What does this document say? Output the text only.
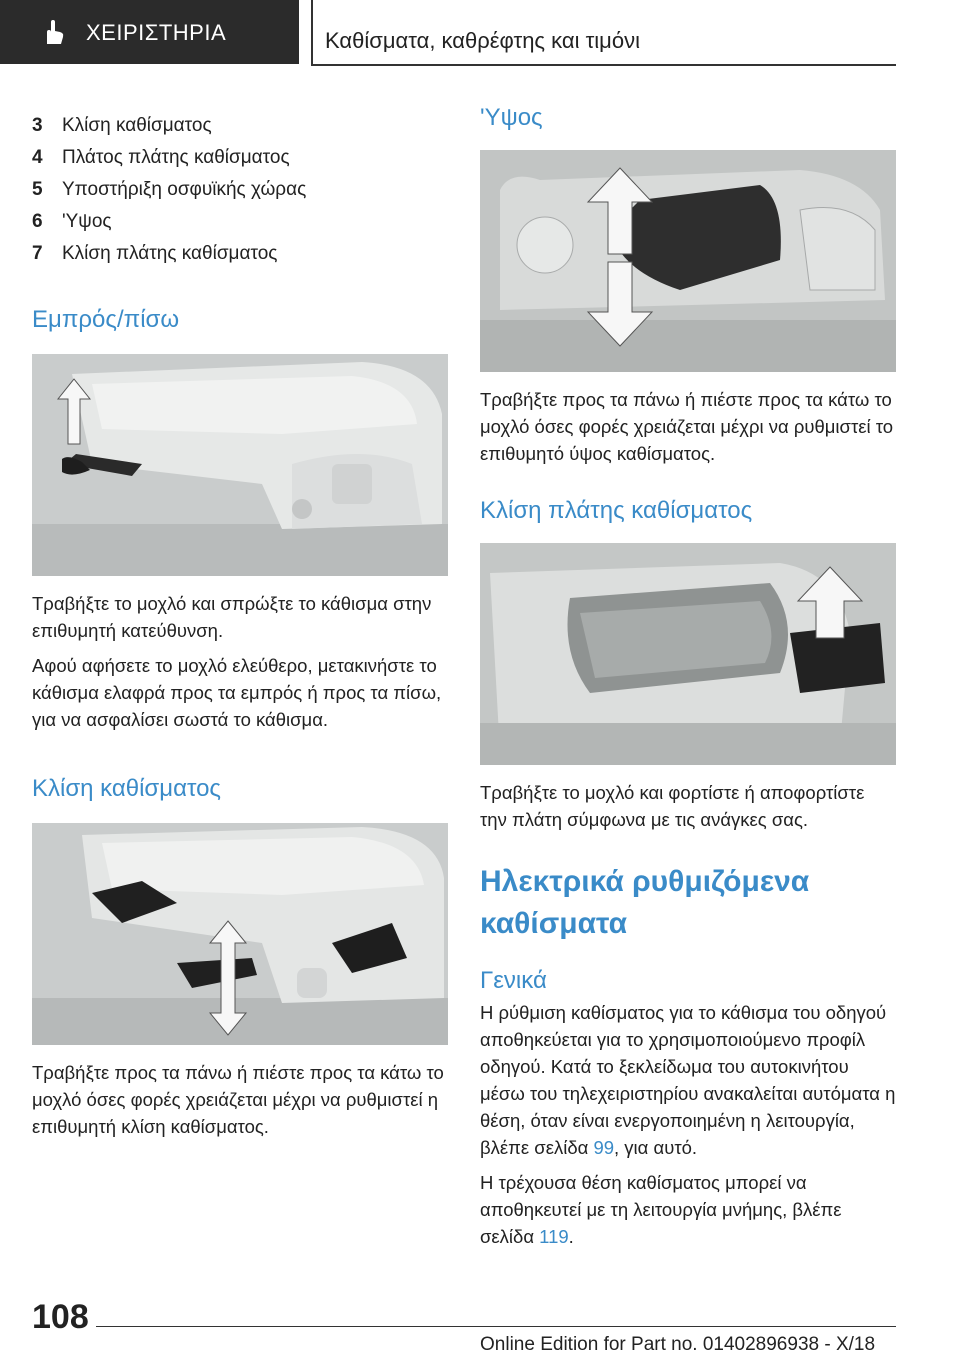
ΧΕΙΡΙΣΤΗΡΙΑ	Καθίσματα, καθρέφτης και τιμόνι
3	Κλίση καθίσματος
4	Πλάτος πλάτης καθίσματος
5	Υποστήριξη οσφυϊκής χώρας
6	'Υψος
7	Κλίση πλάτης καθίσματος
Εμπρός/πίσω

Τραβήξτε το μοχλό και σπρώξτε το κάθισμα στην επιθυμητή κατεύθυνση.

Αφού αφήσετε το μοχλό ελεύθερο, μετακινήστε το κάθισμα ελαφρά προς τα εμπρός ή προς τα πίσω, για να ασφαλίσει σωστά το κάθισμα.

Κλίση καθίσματος

Τραβήξτε προς τα πάνω ή πιέστε προς τα κάτω το μοχλό όσες φορές χρειάζεται μέχρι να ρυθμιστεί η επιθυμητή κλίση καθίσματος.

'Υψος

Τραβήξτε προς τα πάνω ή πιέστε προς τα κάτω το μοχλό όσες φορές χρειάζεται μέχρι να ρυθμιστεί το επιθυμητό ύψος καθίσματος.

Κλίση πλάτης καθίσματος

Τραβήξτε το μοχλό και φορτίστε ή αποφορτίστε την πλάτη σύμφωνα με τις ανάγκες σας.

Ηλεκτρικά ρυθμιζόμενα καθίσματα
Γενικά

Η ρύθμιση καθίσματος για το κάθισμα του οδηγού αποθηκεύεται για το χρησιμοποιούμενο προφίλ οδηγού. Κατά το ξεκλείδωμα του αυτοκινήτου μέσω του τηλεχειριστηρίου ανακαλείται αυτόματα η θέση, όταν είναι ενεργοποιημένη η λειτουργία, βλέπε σελίδα 99, για αυτό.

Η τρέχουσα θέση καθίσματος μπορεί να αποθηκευτεί με τη λειτουργία μνήμης, βλέπε σελίδα 119.

108
Online Edition for Part no. 01402896938 - X/18
